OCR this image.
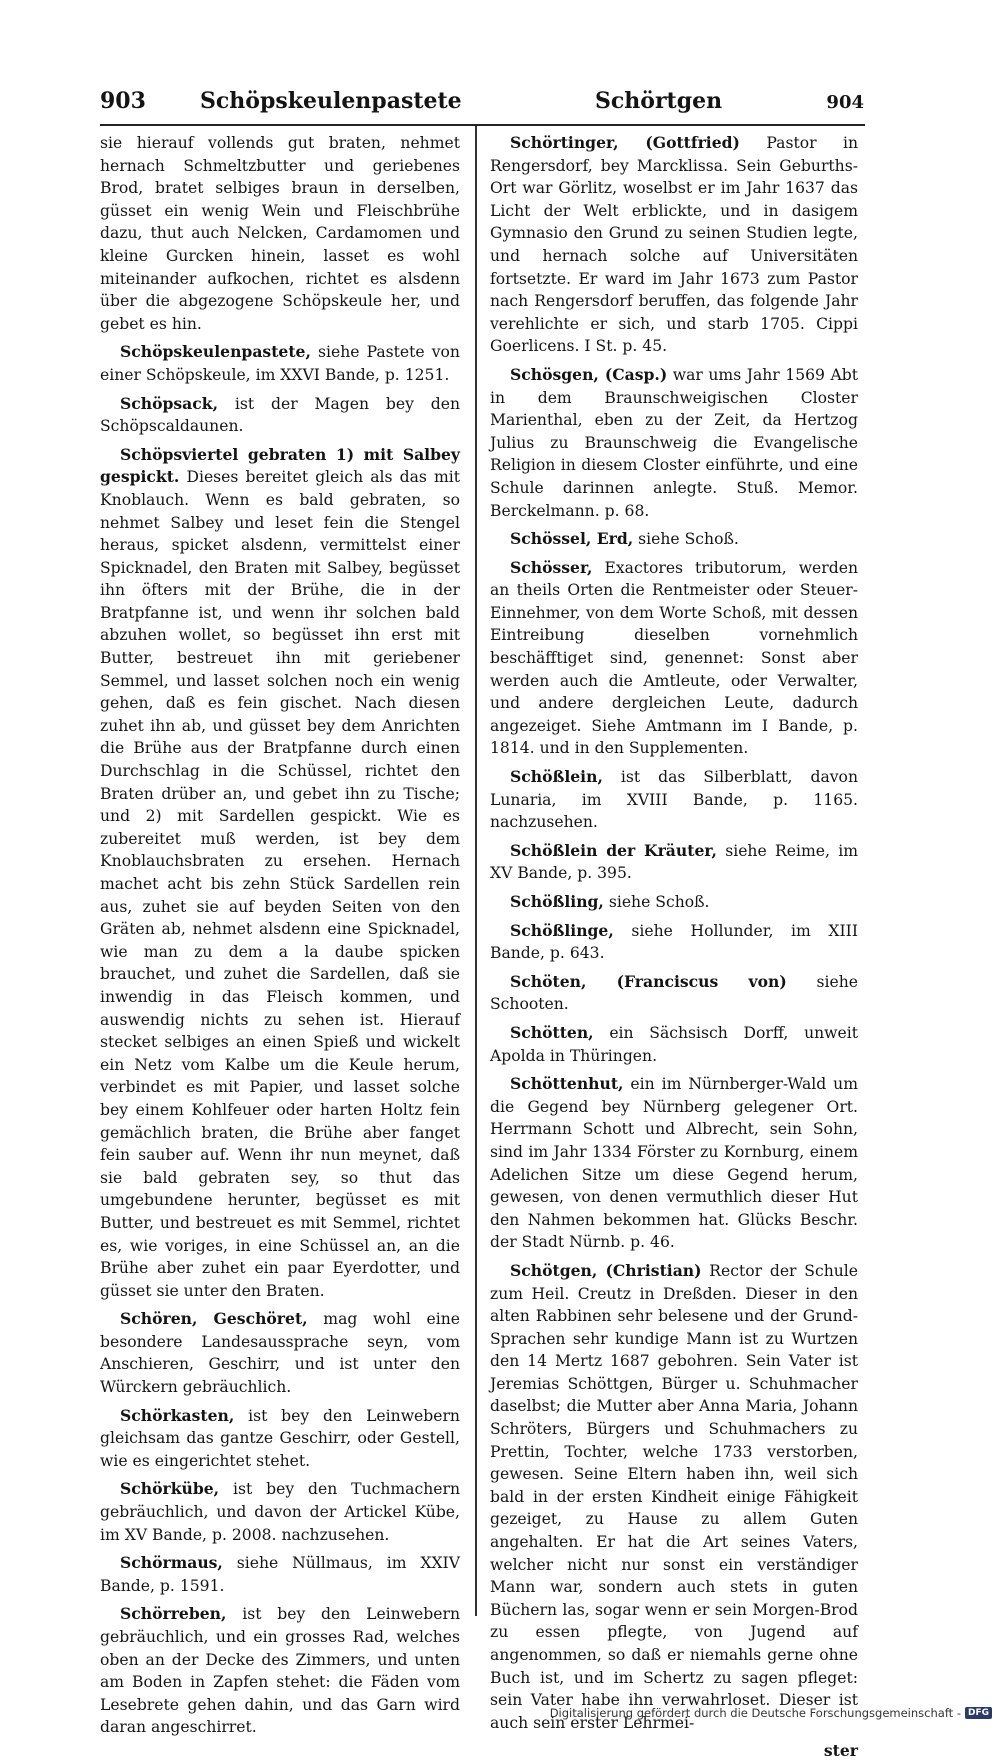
903 Schöpskeulenpastete	Schörtgen	904

sie hierauf vollends gut braten, nehmet hernach Schmeltzbutter und geriebenes Brod, bratet selbiges braun in derselben, güsset ein wenig Wein und Fleischbrühe dazu, thut auch Nelcken, Cardamomen und kleine Gurcken hinein, lasset es wohl miteinander aufkochen, richtet es alsdenn über die abgezogene Schöpskeule her, und gebet es hin.

Schöpskeulenpastete, siehe Pastete von einer Schöpskeule, im XXVI Bande, p. 1251.

Schöpsack, ist der Magen bey den Schöpscaldaunen.

Schöpsviertel gebraten 1) mit Salbey gespickt. Dieses bereitet gleich als das mit Knoblauch. Wenn es bald gebraten, so nehmet Salbey und leset fein die Stengel heraus, spicket alsdenn, vermittelst einer Spicknadel, den Braten mit Salbey, begüsset ihn öfters mit der Brühe, die in der Bratpfanne ist, und wenn ihr solchen bald abzuhen wollet, so begüsset ihn erst mit Butter, bestreuet ihn mit geriebener Semmel, und lasset solchen noch ein wenig gehen, daß es fein gischet. Nach diesen zuhet ihn ab, und güsset bey dem Anrichten die Brühe aus der Bratpfanne durch einen Durchschlag in die Schüssel, richtet den Braten drüber an, und gebet ihn zu Tische; und 2) mit Sardellen gespickt. Wie es zubereitet muß werden, ist bey dem Knoblauchsbraten zu ersehen. Hernach machet acht bis zehn Stück Sardellen rein aus, zuhet sie auf beyden Seiten von den Gräten ab, nehmet alsdenn eine Spicknadel, wie man zu dem a la daube spicken brauchet, und zuhet die Sardellen, daß sie inwendig in das Fleisch kommen, und auswendig nichts zu sehen ist. Hierauf stecket selbiges an einen Spieß und wickelt ein Netz vom Kalbe um die Keule herum, verbindet es mit Papier, und lasset solche bey einem Kohlfeuer oder harten Holtz fein gemächlich braten, die Brühe aber fanget fein sauber auf. Wenn ihr nun meynet, daß sie bald gebraten sey, so thut das umgebundene herunter, begüsset es mit Butter, und bestreuet es mit Semmel, richtet es, wie voriges, in eine Schüssel an, an die Brühe aber zuhet ein paar Eyerdotter, und güsset sie unter den Braten.

Schören, Geschöret, mag wohl eine besondere Landesaussprache seyn, vom Anschieren, Geschirr, und ist unter den Würckern gebräuchlich.

Schörkasten, ist bey den Leinwebern gleichsam das gantze Geschirr, oder Gestell, wie es eingerichtet stehet.

Schörkübe, ist bey den Tuchmachern gebräuchlich, und davon der Artickel Kübe, im XV Bande, p. 2008. nachzusehen.

Schörmaus, siehe Nüllmaus, im XXIV Bande, p. 1591.

Schörreben, ist bey den Leinwebern gebräuchlich, und ein grosses Rad, welches oben an der Decke des Zimmers, und unten am Boden in Zapfen stehet: die Fäden vom Lesebrete gehen dahin, und das Garn wird daran angeschirret.

Schörtinger, (Gottfried) Pastor in Rengersdorf, bey Marcklissa. Sein Geburths-Ort war Görlitz, woselbst er im Jahr 1637 das Licht der Welt erblickte, und in dasigem Gymnasio den Grund zu seinen Studien legte, und hernach solche auf Universitäten fortsetzte. Er ward im Jahr 1673 zum Pastor nach Rengersdorf beruffen, das folgende Jahr verehlichte er sich, und starb 1705. Cippi Goerlicens. I St. p. 45.

Schösgen, (Casp.) war ums Jahr 1569 Abt in dem Braunschweigischen Closter Marienthal, eben zu der Zeit, da Hertzog Julius zu Braunschweig die Evangelische Religion in diesem Closter einführte, und eine Schule darinnen anlegte. Stuß. Memor. Berckelmann. p. 68.

Schössel, Erd, siehe Schoß.

Schösser, Exactores tributorum, werden an theils Orten die Rentmeister oder Steuer-Einnehmer, von dem Worte Schoß, mit dessen Eintreibung dieselben vornehmlich beschäfftiget sind, genennet: Sonst aber werden auch die Amtleute, oder Verwalter, und andere dergleichen Leute, dadurch angezeiget. Siehe Amtmann im I Bande, p. 1814. und in den Supplementen.

Schößlein, ist das Silberblatt, davon Lunaria, im XVIII Bande, p. 1165. nachzusehen.

Schößlein der Kräuter, siehe Reime, im XV Bande, p. 395.

Schößling, siehe Schoß.

Schößlinge, siehe Hollunder, im XIII Bande, p. 643.

Schöten, (Franciscus von) siehe Schooten.

Schötten, ein Sächsisch Dorff, unweit Apolda in Thüringen.

Schöttenhut, ein im Nürnberger-Wald um die Gegend bey Nürnberg gelegener Ort. Herrmann Schott und Albrecht, sein Sohn, sind im Jahr 1334 Förster zu Kornburg, einem Adelichen Sitze um diese Gegend herum, gewesen, von denen vermuthlich dieser Hut den Nahmen bekommen hat. Glücks Beschr. der Stadt Nürnb. p. 46.

Schötgen, (Christian) Rector der Schule zum Heil. Creutz in Dreßden. Dieser in den alten Rabbinen sehr belesene und der Grund-Sprachen sehr kundige Mann ist zu Wurtzen den 14 Mertz 1687 gebohren. Sein Vater ist Jeremias Schöttgen, Bürger u. Schuhmacher daselbst; die Mutter aber Anna Maria, Johann Schröters, Bürgers und Schuhmachers zu Prettin, Tochter, welche 1733 verstorben, gewesen. Seine Eltern haben ihn, weil sich bald in der ersten Kindheit einige Fähigkeit gezeiget, zu Hause zu allem Guten angehalten. Er hat die Art seines Vaters, welcher nicht nur sonst ein verständiger Mann war, sondern auch stets in guten Büchern las, sogar wenn er sein Morgen-Brod zu essen pflegte, von Jugend auf angenommen, so daß er niemahls gerne ohne Buch ist, und im Schertz zu sagen pfleget: sein Vater habe ihn verwahrloset. Dieser ist auch sein erster Lehrmei-

ster
Digitalisierung gefördert durch die Deutsche Forschungsgemeinschaft - DFG
